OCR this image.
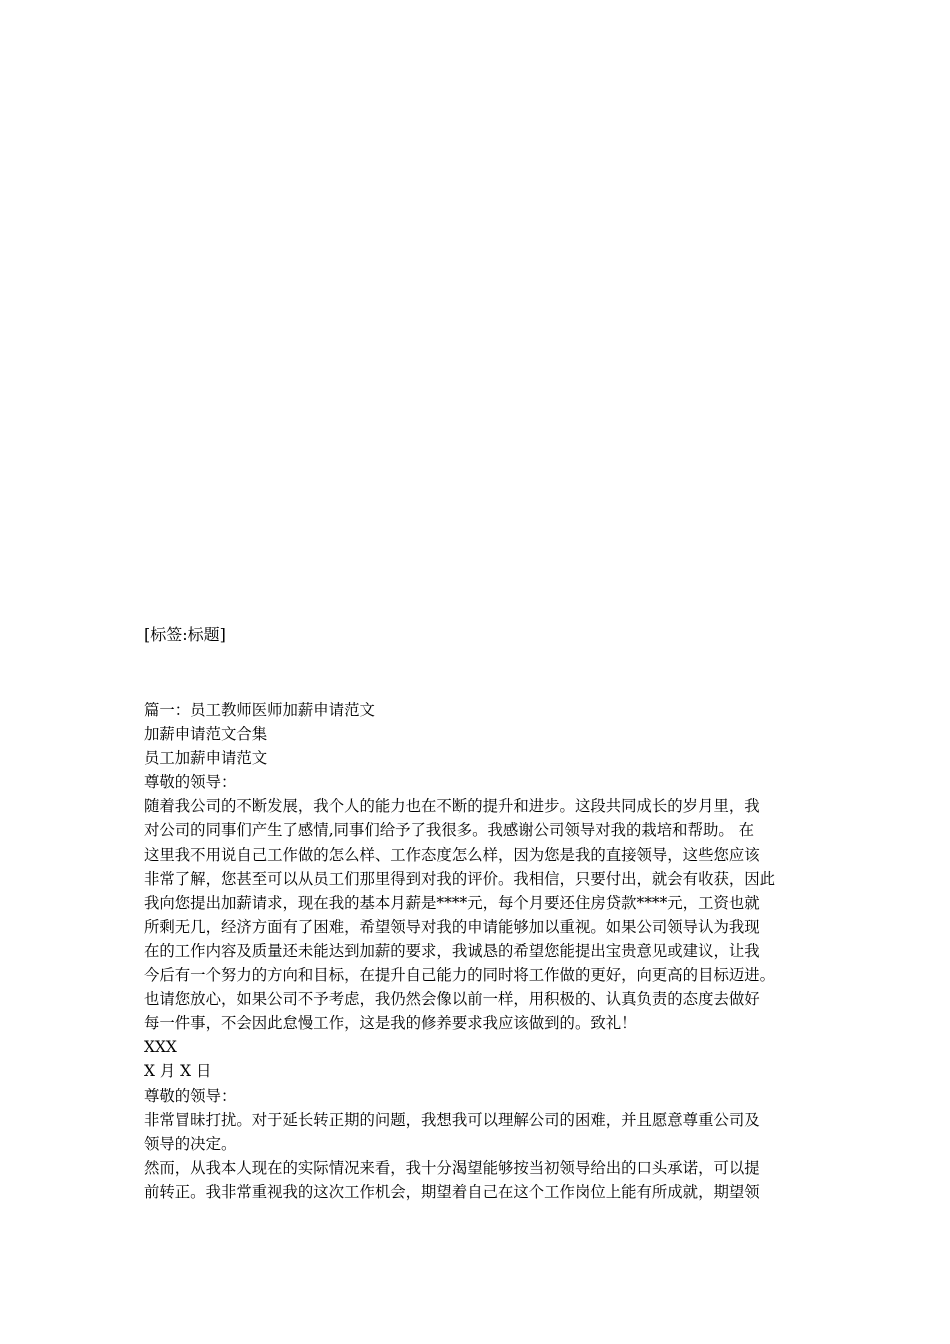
[标签:标题]
篇一：员工教师医师加薪申请范文
加薪申请范文合集
员工加薪申请范文
尊敬的领导：
随着我公司的不断发展，我个人的能力也在不断的提升和进步。这段共同成长的岁月里，我
对公司的同事们产生了感情,同事们给予了我很多。我感谢公司领导对我的栽培和帮助。 在
这里我不用说自己工作做的怎么样、工作态度怎么样，因为您是我的直接领导，这些您应该
非常了解，您甚至可以从员工们那里得到对我的评价。我相信，只要付出，就会有收获，因此
我向您提出加薪请求，现在我的基本月薪是****元，每个月要还住房贷款****元，工资也就
所剩无几，经济方面有了困难，希望领导对我的申请能够加以重视。如果公司领导认为我现
在的工作内容及质量还未能达到加薪的要求，我诚恳的希望您能提出宝贵意见或建议，让我
今后有一个努力的方向和目标，在提升自己能力的同时将工作做的更好，向更高的目标迈进。
也请您放心，如果公司不予考虑，我仍然会像以前一样，用积极的、认真负责的态度去做好
每一件事，不会因此怠慢工作，这是我的修养要求我应该做到的。致礼！
XXX
X 月 X 日
尊敬的领导：
非常冒昧打扰。对于延长转正期的问题，我想我可以理解公司的困难，并且愿意尊重公司及
领导的决定。
然而，从我本人现在的实际情况来看，我十分渴望能够按当初领导给出的口头承诺，可以提
前转正。我非常重视我的这次工作机会，期望着自己在这个工作岗位上能有所成就，期望领
